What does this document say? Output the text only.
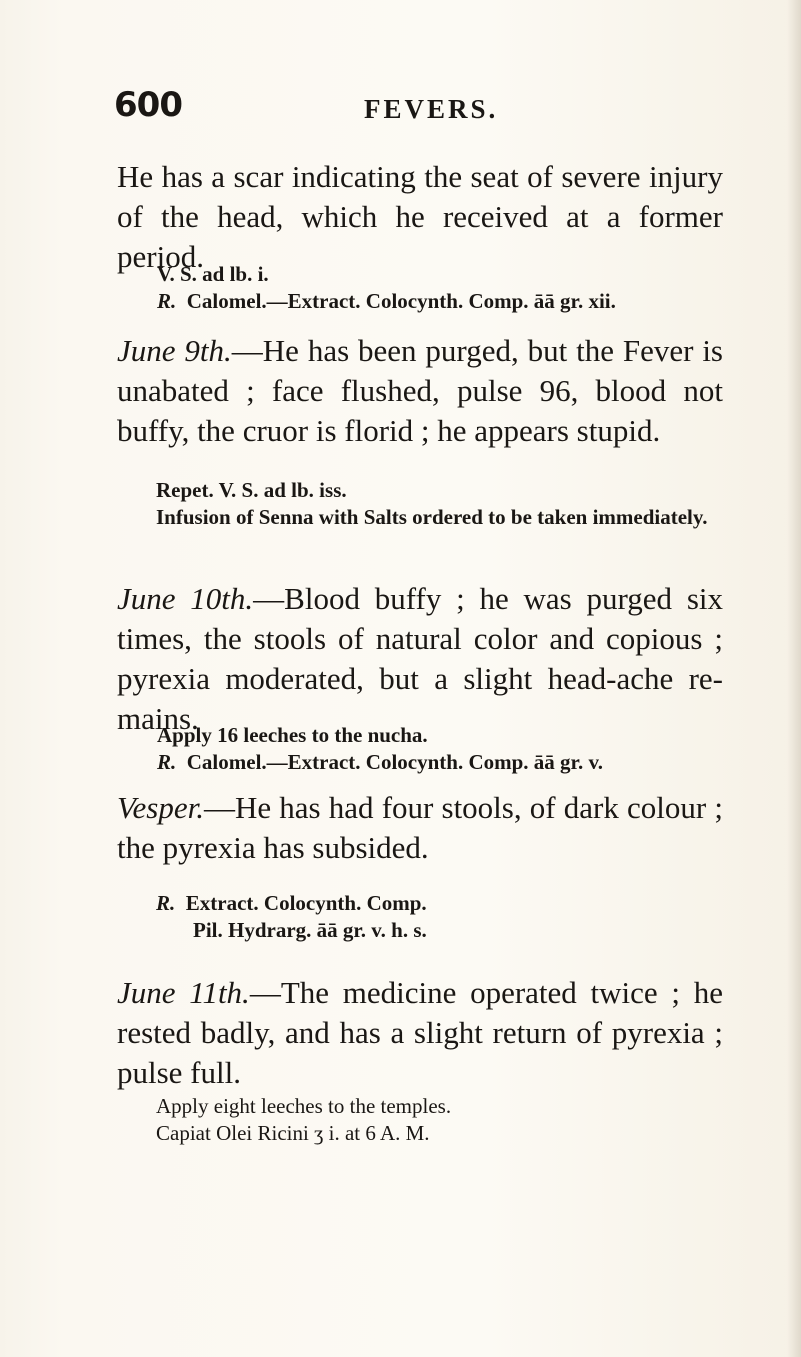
600	FEVERS.

He has a scar indicating the seat of severe injury of the head, which he received at a former period.

V. S. ad lb. i.

R. Calomel.—Extract. Colocynth. Comp. āā gr. xii.

June 9th.—He has been purged, but the Fever is unabated ; face flushed, pulse 96, blood not buffy, the cruor is florid ; he appears stupid.

Repet. V. S. ad lb. iss.

Infusion of Senna with Salts ordered to be taken immediately.

June 10th.—Blood buffy ; he was purged six times, the stools of natural color and copious ; pyrexia moderated, but a slight head-ache re-mains.

Apply 16 leeches to the nucha.

R. Calomel.—Extract. Colocynth. Comp. āā gr. v.

Vesper.—He has had four stools, of dark colour ; the pyrexia has subsided.

R. Extract. Colocynth. Comp.

Pil. Hydrarg. āā gr. v. h. s.

June 11th.—The medicine operated twice ; he rested badly, and has a slight return of pyrexia ; pulse full.

Apply eight leeches to the temples.

Capiat Olei Ricini ʒ i. at 6 A. M.
